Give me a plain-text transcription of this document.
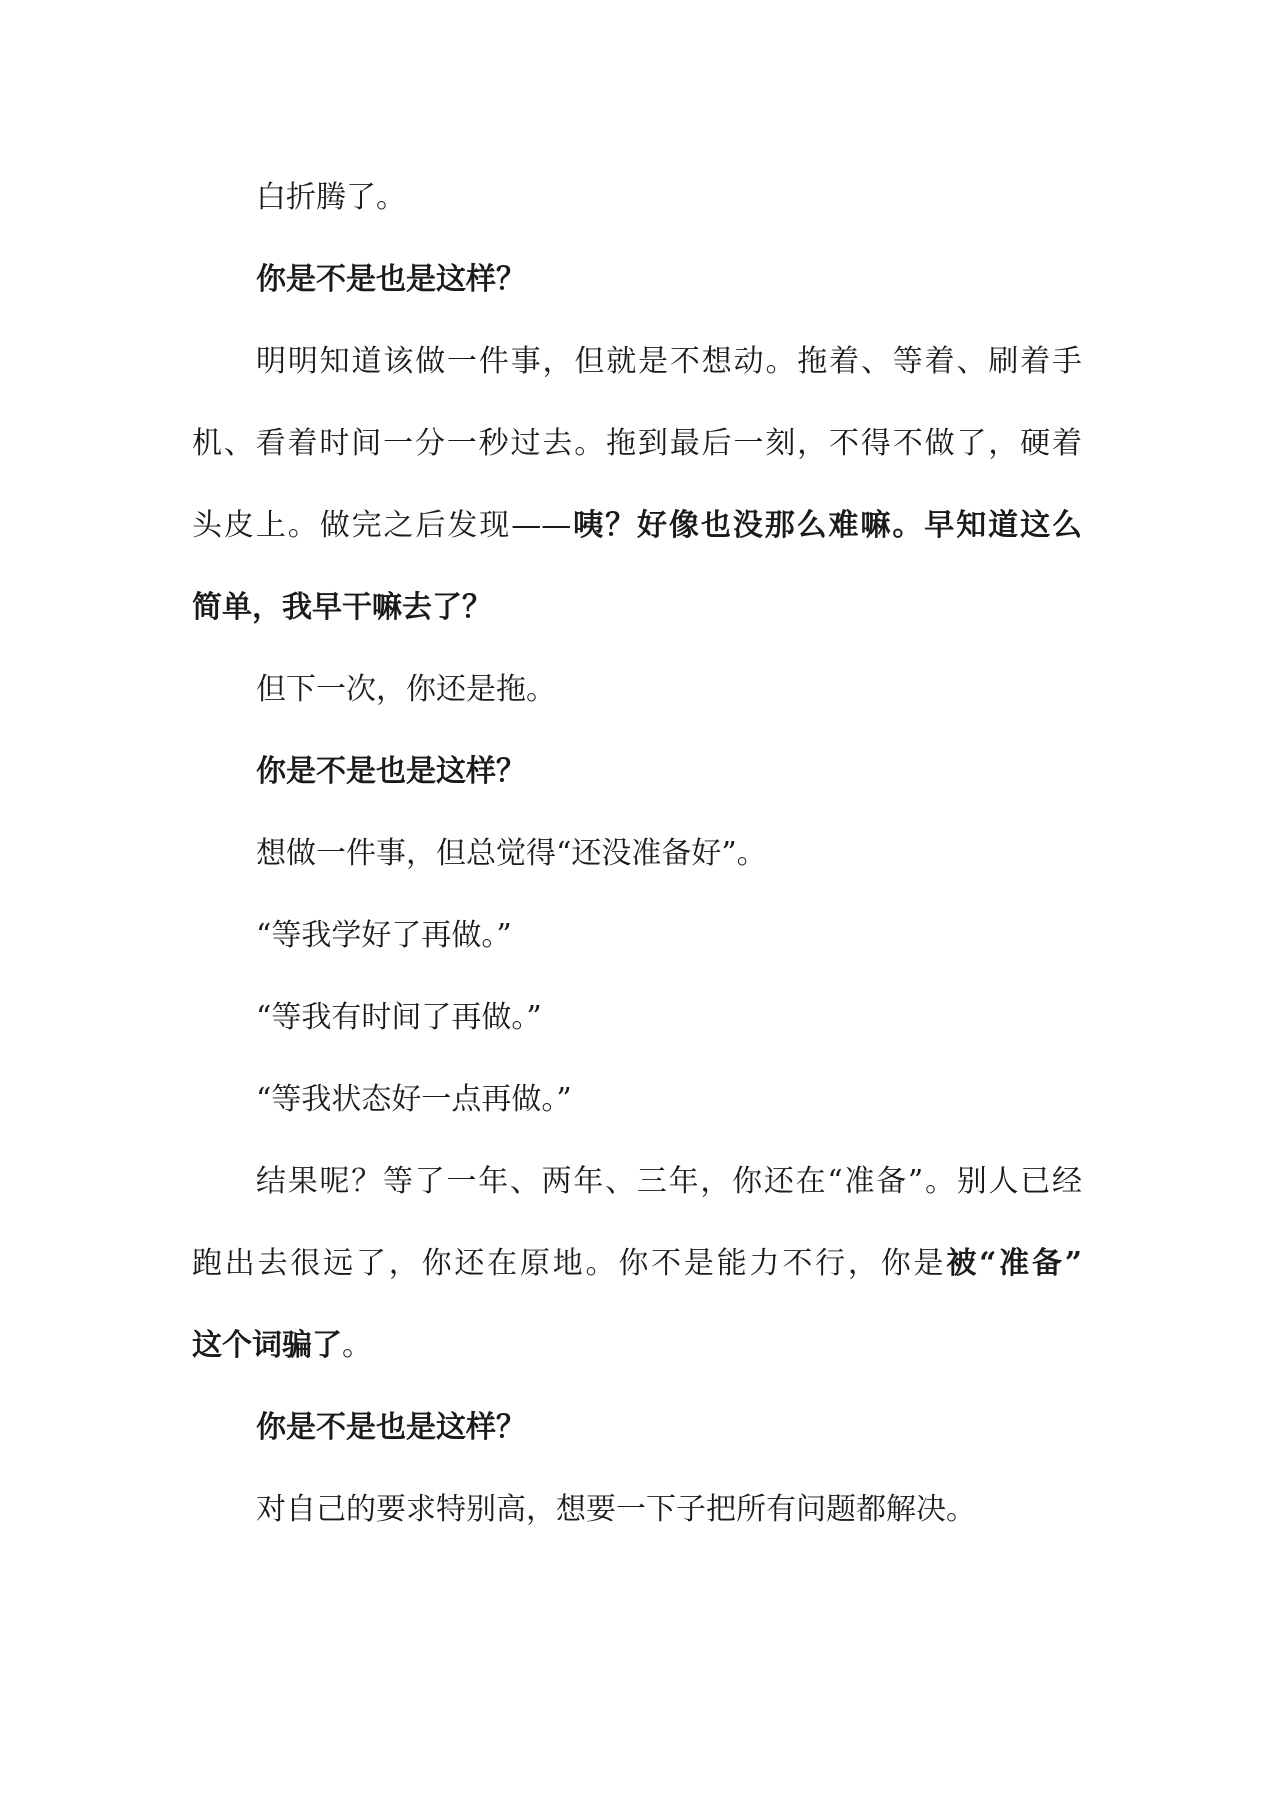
白折腾了。
你是不是也是这样？
明明知道该做一件事，但就是不想动。拖着、等着、刷着手
机、看着时间一分一秒过去。拖到最后一刻，不得不做了，硬着
头皮上。做完之后发现——咦？好像也没那么难嘛。早知道这么
简单，我早干嘛去了？
但下一次，你还是拖。
你是不是也是这样？
想做一件事，但总觉得“还没准备好”。
“等我学好了再做。”
“等我有时间了再做。”
“等我状态好一点再做。”
结果呢？等了一年、两年、三年，你还在“准备”。别人已经
跑出去很远了，你还在原地。你不是能力不行，你是被“准备”
这个词骗了。
你是不是也是这样？
对自己的要求特别高，想要一下子把所有问题都解决。
